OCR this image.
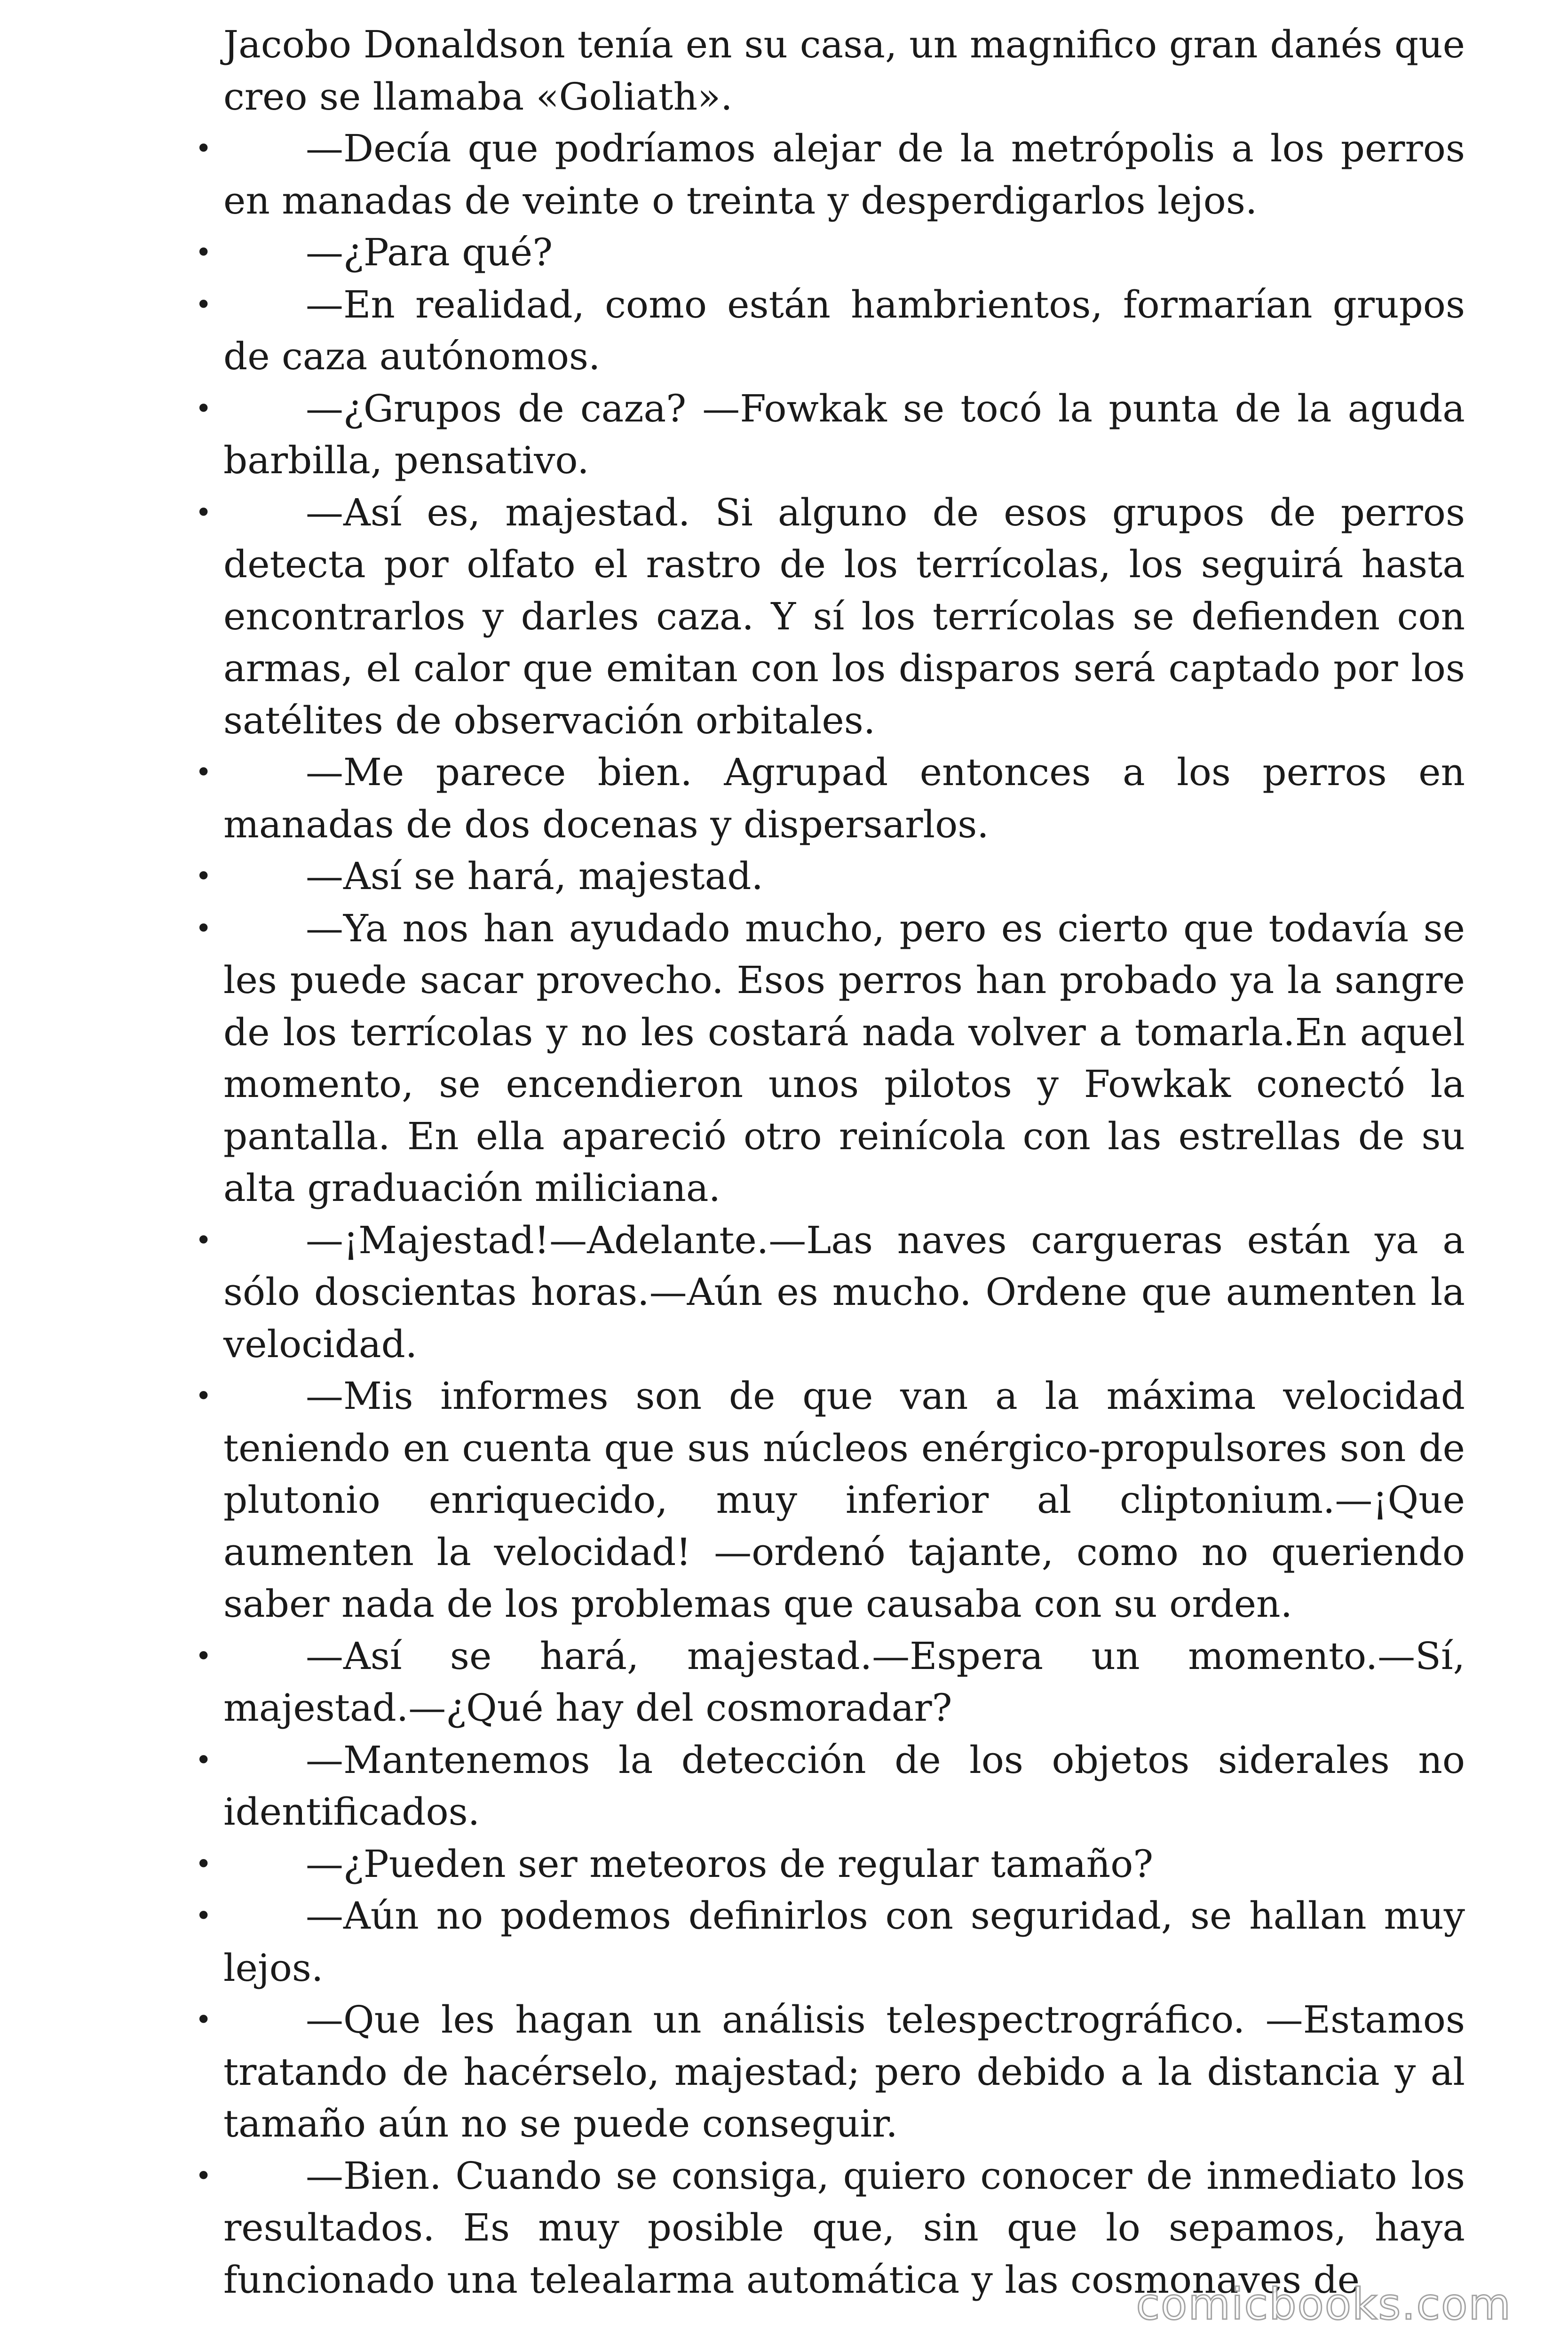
Jacobo Donaldson tenía en su casa, un magnifico gran danés que creo se llamaba «Goliath».

• —Decía que podríamos alejar de la metrópolis a los perros en manadas de veinte o treinta y desperdigarlos lejos.

• —¿Para qué?

• —En realidad, como están hambrientos, formarían grupos de caza autónomos.

• —¿Grupos de caza? —Fowkak se tocó la punta de la aguda barbilla, pensativo.

• —Así es, majestad. Si alguno de esos grupos de perros detecta por olfato el rastro de los terrícolas, los seguirá hasta encontrarlos y darles caza. Y sí los terrícolas se defienden con armas, el calor que emitan con los disparos será captado por los satélites de observación orbitales.

• —Me parece bien. Agrupad entonces a los perros en manadas de dos docenas y dispersarlos.

• —Así se hará, majestad.

• —Ya nos han ayudado mucho, pero es cierto que todavía se les puede sacar provecho. Esos perros han probado ya la sangre de los terrícolas y no les costará nada volver a tomarla.En aquel momento, se encendieron unos pilotos y Fowkak conectó la pantalla. En ella apareció otro reinícola con las estrellas de su alta graduación miliciana.

• —¡Majestad!—Adelante.—Las naves cargueras están ya a sólo doscientas horas.—Aún es mucho. Ordene que aumenten la velocidad.

• —Mis informes son de que van a la máxima velocidad teniendo en cuenta que sus núcleos enérgico-propulsores son de plutonio enriquecido, muy inferior al cliptonium.—¡Que aumenten la velocidad! —ordenó tajante, como no queriendo saber nada de los problemas que causaba con su orden.

• —Así se hará, majestad.—Espera un momento.—Sí, majestad.—¿Qué hay del cosmoradar?

• —Mantenemos la detección de los objetos siderales no identificados.

• —¿Pueden ser meteoros de regular tamaño?

• —Aún no podemos definirlos con seguridad, se hallan muy lejos.

• —Que les hagan un análisis telespectrográfico. —Estamos tratando de hacérselo, majestad; pero debido a la distancia y al tamaño aún no se puede conseguir.

• —Bien. Cuando se consiga, quiero conocer de inmediato los resultados. Es muy posible que, sin que lo sepamos, haya funcionado una telealarma automática y las cosmonaves de

comicbooks.com
